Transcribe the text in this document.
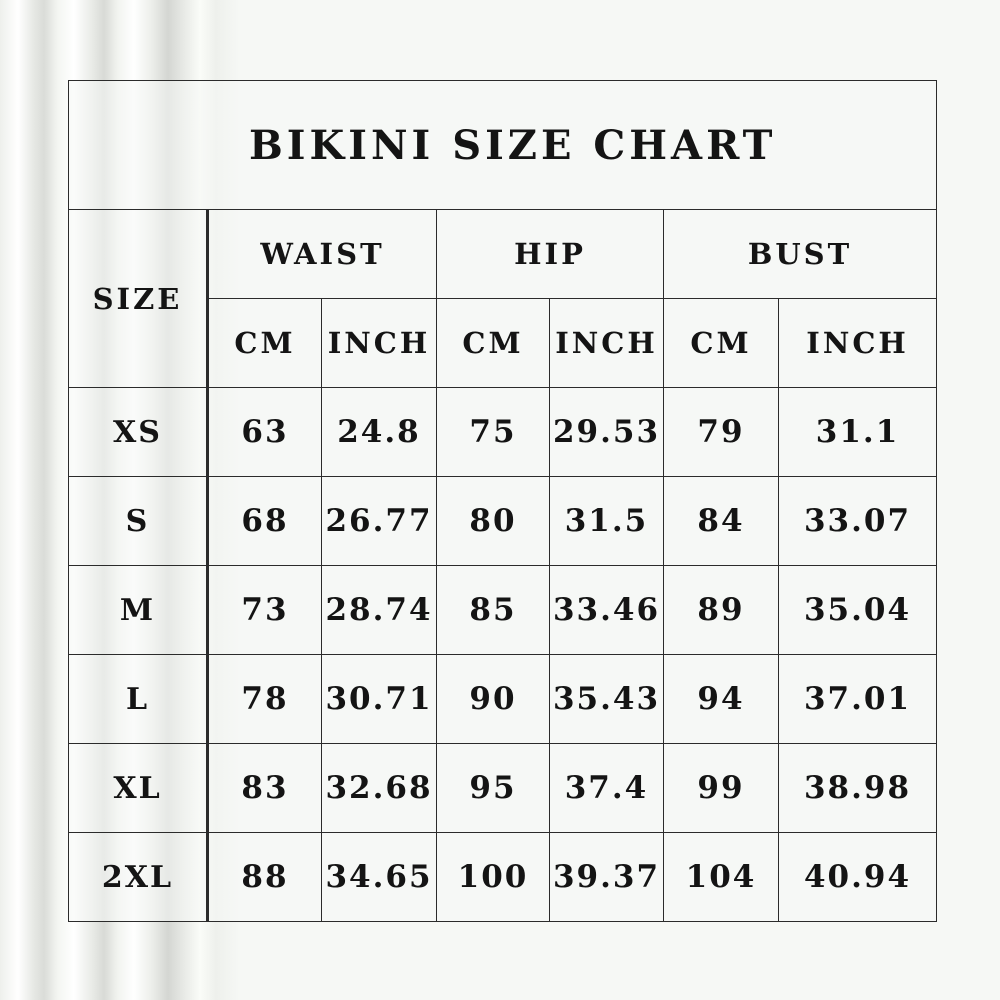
BIKINI SIZE CHART						
SIZE	WAIST		HIP		BUST	
	CM	INCH	CM	INCH	CM	INCH
XS	63	24.8	75	29.53	79	31.1
S	68	26.77	80	31.5	84	33.07
M	73	28.74	85	33.46	89	35.04
L	78	30.71	90	35.43	94	37.01
XL	83	32.68	95	37.4	99	38.98
2XL	88	34.65	100	39.37	104	40.94
